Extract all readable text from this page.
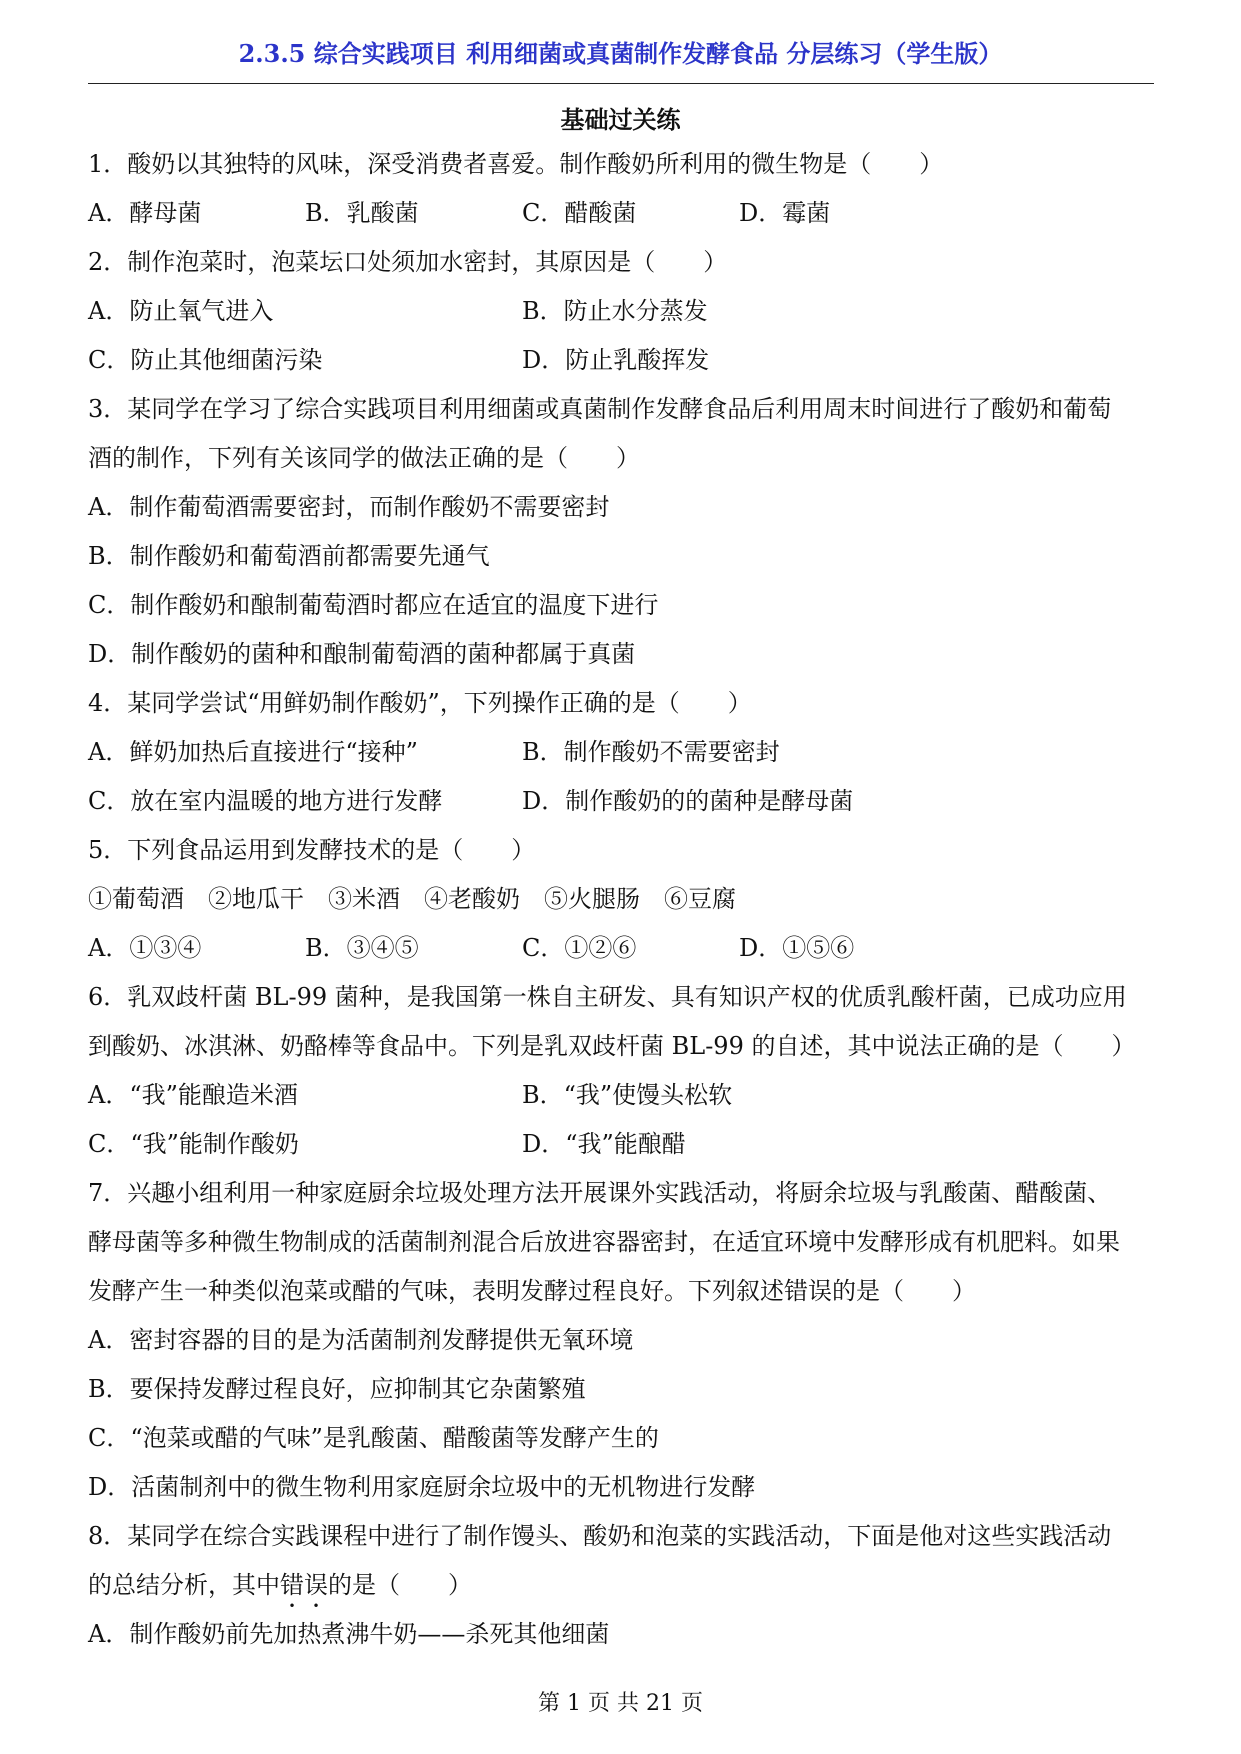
2.3.5 综合实践项目 利用细菌或真菌制作发酵食品 分层练习（学生版）
基础过关练
1．酸奶以其独特的风味，深受消费者喜爱。制作酸奶所利用的微生物是（　　）
A．酵母菌	B．乳酸菌	C．醋酸菌	D．霉菌
2．制作泡菜时，泡菜坛口处须加水密封，其原因是（　　）
A．防止氧气进入	B．防止水分蒸发
C．防止其他细菌污染	D．防止乳酸挥发
3．某同学在学习了综合实践项目利用细菌或真菌制作发酵食品后利用周末时间进行了酸奶和葡萄
酒的制作，下列有关该同学的做法正确的是（　　）
A．制作葡萄酒需要密封，而制作酸奶不需要密封
B．制作酸奶和葡萄酒前都需要先通气
C．制作酸奶和酿制葡萄酒时都应在适宜的温度下进行
D．制作酸奶的菌种和酿制葡萄酒的菌种都属于真菌
4．某同学尝试“用鲜奶制作酸奶”，下列操作正确的是（　　）
A．鲜奶加热后直接进行“接种”	B．制作酸奶不需要密封
C．放在室内温暖的地方进行发酵	D．制作酸奶的的菌种是酵母菌
5．下列食品运用到发酵技术的是（　　）
①葡萄酒　②地瓜干　③米酒　④老酸奶　⑤火腿肠　⑥豆腐
A．①③④	B．③④⑤	C．①②⑥	D．①⑤⑥
6．乳双歧杆菌 BL-99 菌种，是我国第一株自主研发、具有知识产权的优质乳酸杆菌，已成功应用
到酸奶、冰淇淋、奶酪棒等食品中。下列是乳双歧杆菌 BL-99 的自述，其中说法正确的是（　　）
A．“我”能酿造米酒	B．“我”使馒头松软
C．“我”能制作酸奶	D．“我”能酿醋
7．兴趣小组利用一种家庭厨余垃圾处理方法开展课外实践活动，将厨余垃圾与乳酸菌、醋酸菌、
酵母菌等多种微生物制成的活菌制剂混合后放进容器密封，在适宜环境中发酵形成有机肥料。如果
发酵产生一种类似泡菜或醋的气味，表明发酵过程良好。下列叙述错误的是（　　）
A．密封容器的目的是为活菌制剂发酵提供无氧环境
B．要保持发酵过程良好，应抑制其它杂菌繁殖
C．“泡菜或醋的气味”是乳酸菌、醋酸菌等发酵产生的
D．活菌制剂中的微生物利用家庭厨余垃圾中的无机物进行发酵
8．某同学在综合实践课程中进行了制作馒头、酸奶和泡菜的实践活动，下面是他对这些实践活动
的总结分析，其中错误的是（　　）
A．制作酸奶前先加热煮沸牛奶——杀死其他细菌
第 1 页 共 21 页
